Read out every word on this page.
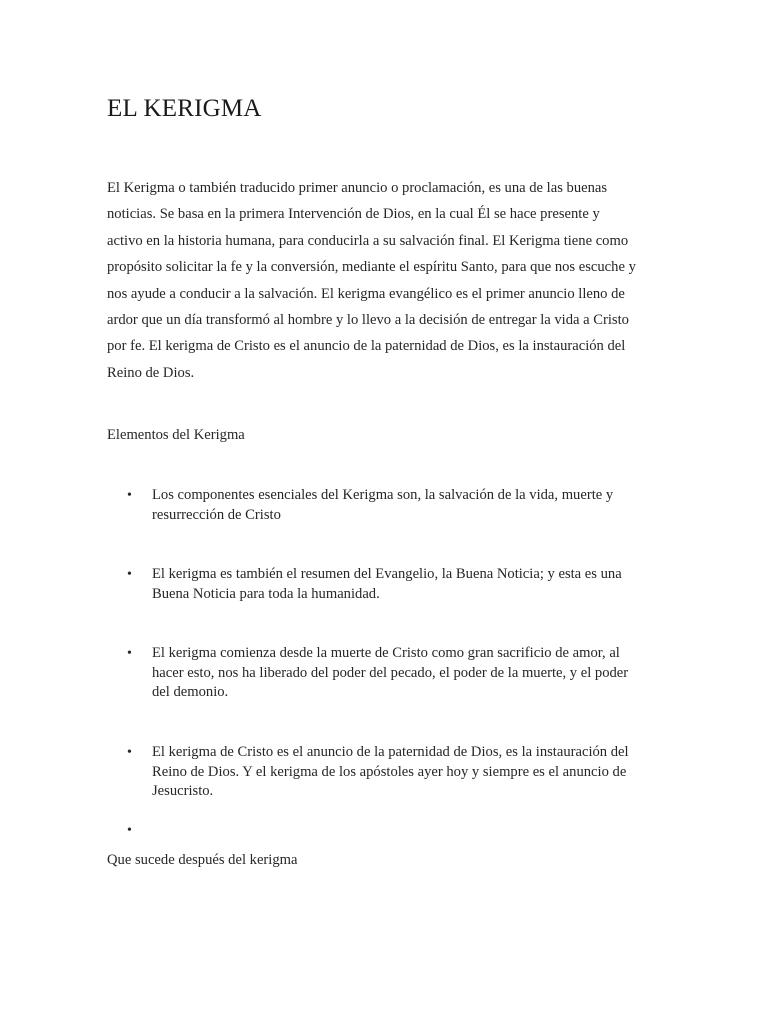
EL KERIGMA

El Kerigma o también traducido primer anuncio o proclamación, es una de las buenas noticias. Se basa en la primera Intervención de Dios, en la cual Él se hace presente y activo en la historia humana, para conducirla a su salvación final. El Kerigma tiene como propósito solicitar la fe y la conversión, mediante el espíritu Santo, para que nos escuche y nos ayude a conducir a la salvación. El kerigma evangélico es el primer anuncio lleno de ardor que un día transformó al hombre y lo llevo a la decisión de entregar la vida a Cristo por fe. El kerigma de Cristo es el anuncio de la paternidad de Dios, es la instauración del Reino de Dios.

Elementos del Kerigma

•	Los componentes esenciales del Kerigma son, la salvación de la vida, muerte y resurrección de Cristo
•	El kerigma es también el resumen del Evangelio, la Buena Noticia; y esta es una Buena Noticia para toda la humanidad.
•	El kerigma comienza desde la muerte de Cristo como gran sacrificio de amor, al hacer esto, nos ha liberado del poder del pecado, el poder de la muerte, y el poder del demonio.
•	El kerigma de Cristo es el anuncio de la paternidad de Dios, es la instauración del Reino de Dios. Y el kerigma de los apóstoles ayer hoy y siempre es el anuncio de Jesucristo.
•

Que sucede después del kerigma
